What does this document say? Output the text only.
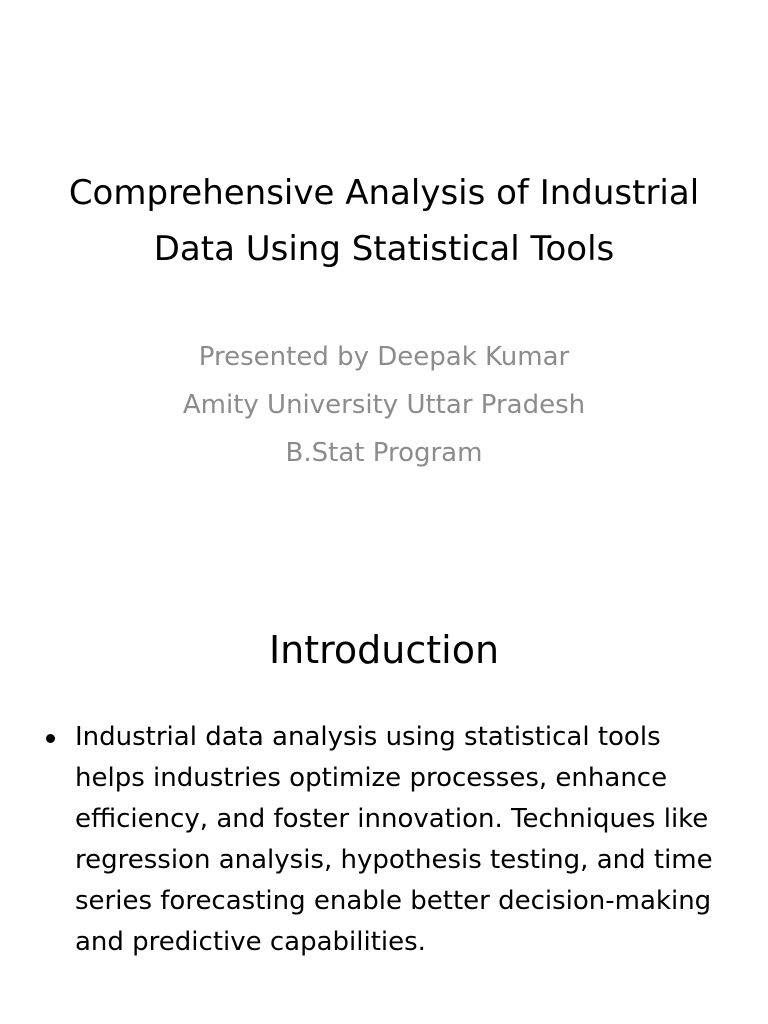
Comprehensive Analysis of Industrial Data Using Statistical Tools
Presented by Deepak Kumar
Amity University Uttar Pradesh
B.Stat Program
Introduction
Industrial data analysis using statistical tools helps industries optimize processes, enhance efficiency, and foster innovation. Techniques like regression analysis, hypothesis testing, and time series forecasting enable better decision-making and predictive capabilities.
